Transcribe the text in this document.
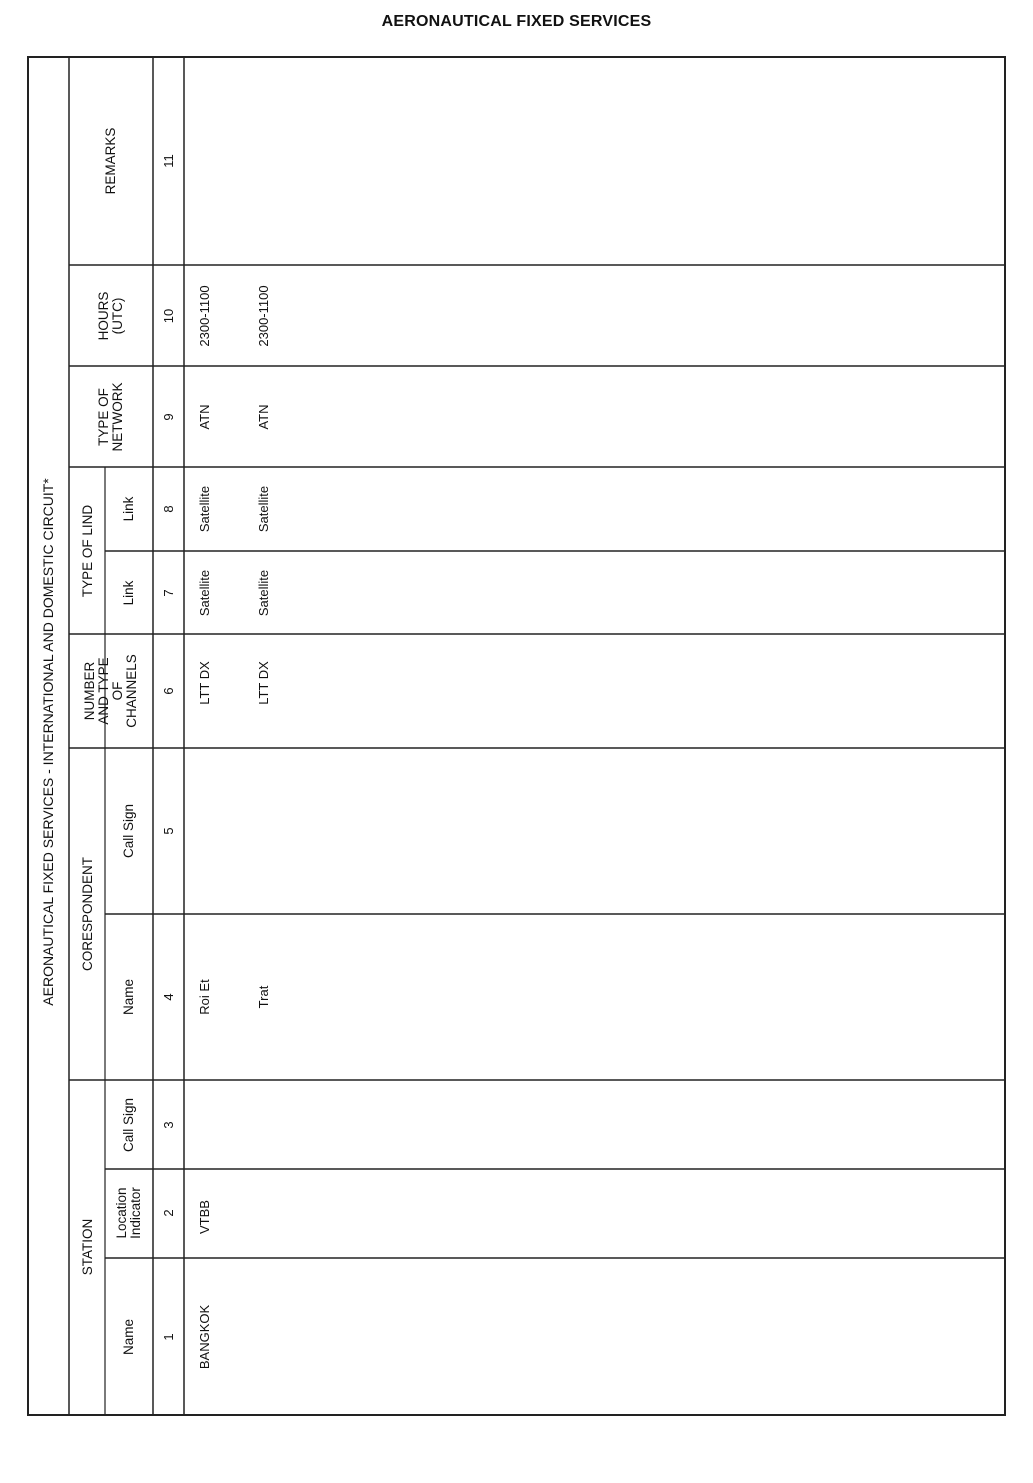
AERONAUTICAL FIXED SERVICES
AERONAUTICAL FIXED SERVICES - INTERNATIONAL AND DOMESTIC CIRCUIT*
STATION
CORESPONDENT
TYPE OF LIND
Name
Location
Indicator
Call Sign
Name
Call Sign
NUMBER
AND TYPE
OF
CHANNELS
Link
Link
TYPE OF
NETWORK
HOURS
(UTC)
REMARKS
1
2
3
4
5
6
7
8
9
10
11
BANGKOK
VTBB
Roi Et
LTT DX
Satellite
Satellite
ATN
2300-1100
Trat
LTT DX
Satellite
Satellite
ATN
2300-1100
